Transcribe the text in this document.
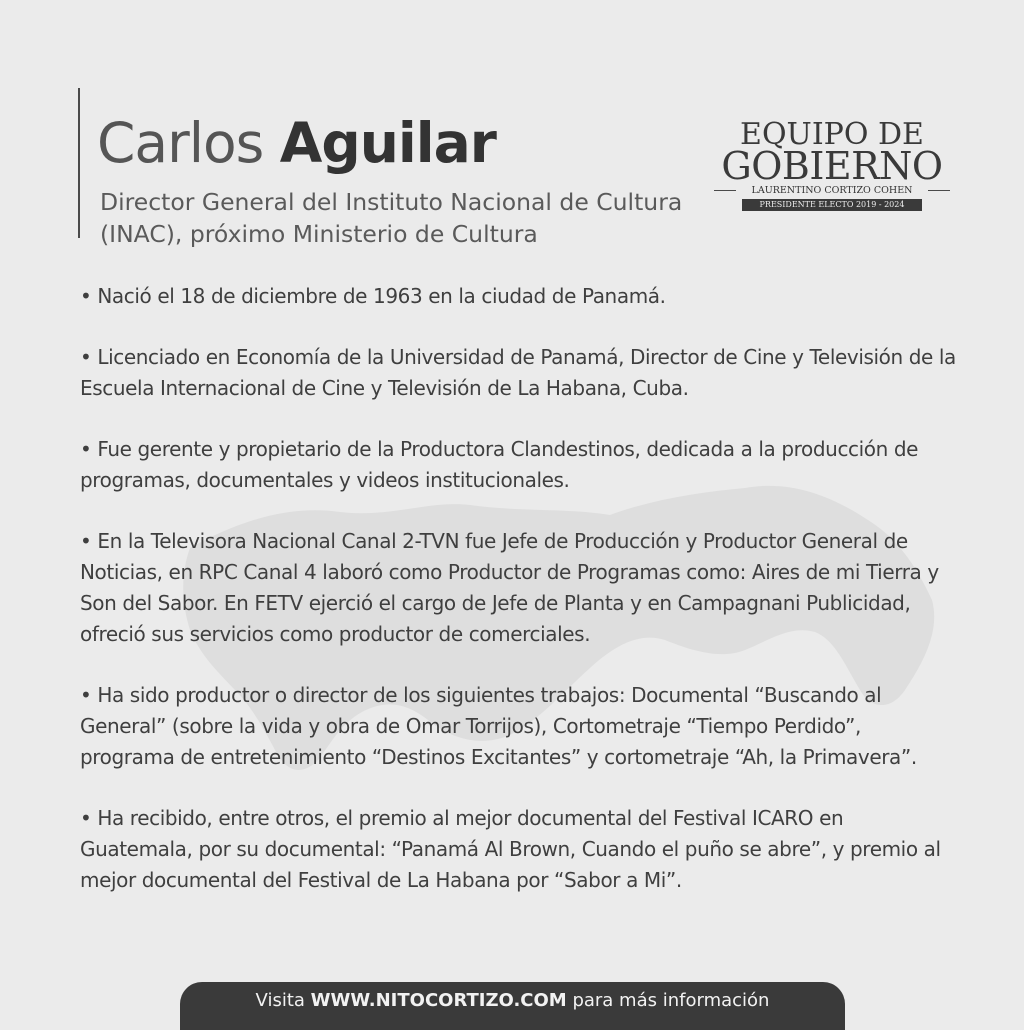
Carlos Aguilar
Director General del Instituto Nacional de Cultura (INAC), próximo Ministerio de Cultura
EQUIPO DE
GOBIERNO
LAURENTINO CORTIZO COHEN
PRESIDENTE ELECTO 2019 - 2024

• Nació el 18 de diciembre de 1963 en la ciudad de Panamá.

• Licenciado en Economía de la Universidad de Panamá, Director de Cine y Televisión de la Escuela Internacional de Cine y Televisión de La Habana, Cuba.

• Fue gerente y propietario de la Productora Clandestinos, dedicada a la producción de programas, documentales y videos institucionales.

• En la Televisora Nacional Canal 2-TVN fue Jefe de Producción y Productor General de Noticias, en RPC Canal 4 laboró como Productor de Programas como: Aires de mi Tierra y Son del Sabor. En FETV ejerció el cargo de Jefe de Planta y en Campagnani Publicidad, ofreció sus servicios como productor de comerciales.

• Ha sido productor o director de los siguientes trabajos: Documental “Buscando al General” (sobre la vida y obra de Omar Torrijos), Cortometraje “Tiempo Perdido”, programa de entretenimiento “Destinos Excitantes” y cortometraje “Ah, la Primavera”.

• Ha recibido, entre otros, el premio al mejor documental del Festival ICARO en Guatemala, por su documental: “Panamá Al Brown, Cuando el puño se abre”, y premio al mejor documental del Festival de La Habana por “Sabor a Mi”.

Visita WWW.NITOCORTIZO.COM para más información
